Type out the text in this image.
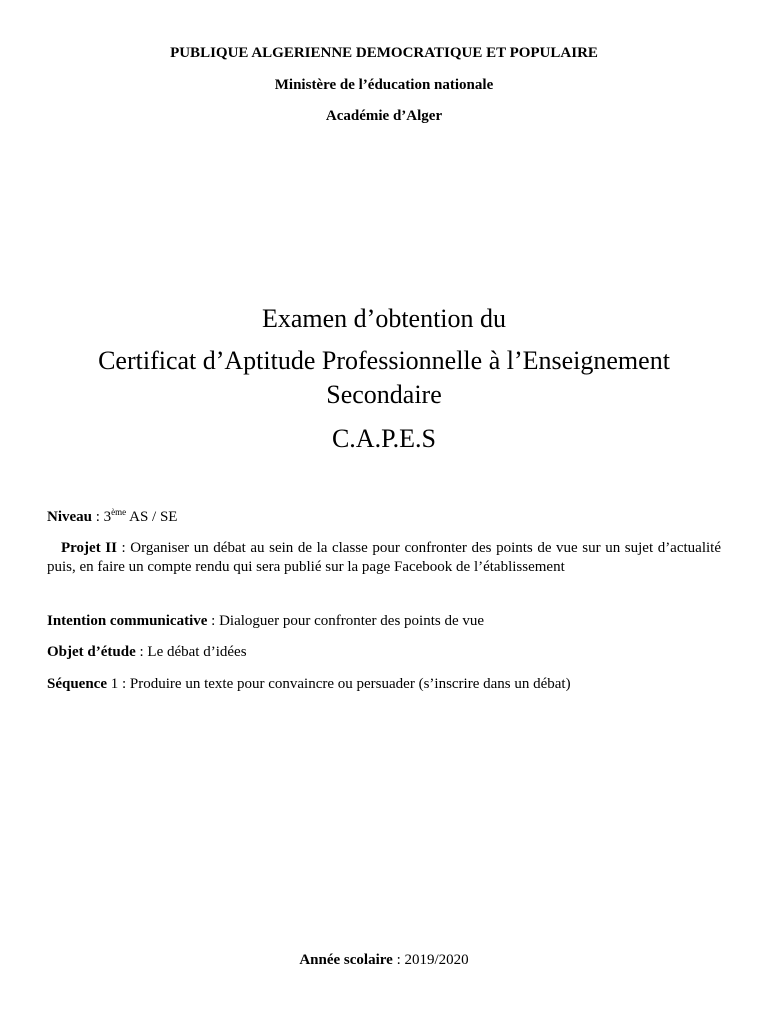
PUBLIQUE ALGERIENNE DEMOCRATIQUE ET POPULAIRE
Ministère de l’éducation nationale
Académie d’Alger
Examen d’obtention du
Certificat d’Aptitude Professionnelle à l’Enseignement
Secondaire
C.A.P.E.S
Niveau : 3ème AS / SE
Projet II : Organiser un débat au sein de la classe pour confronter des points de vue sur un sujet d’actualité puis, en faire un compte rendu qui sera publié sur la page Facebook de l’établissement
Intention communicative : Dialoguer pour confronter des points de vue
Objet d’étude : Le débat d’idées
Séquence 1 : Produire un texte pour convaincre ou persuader (s’inscrire dans un débat)
Année scolaire : 2019/2020
